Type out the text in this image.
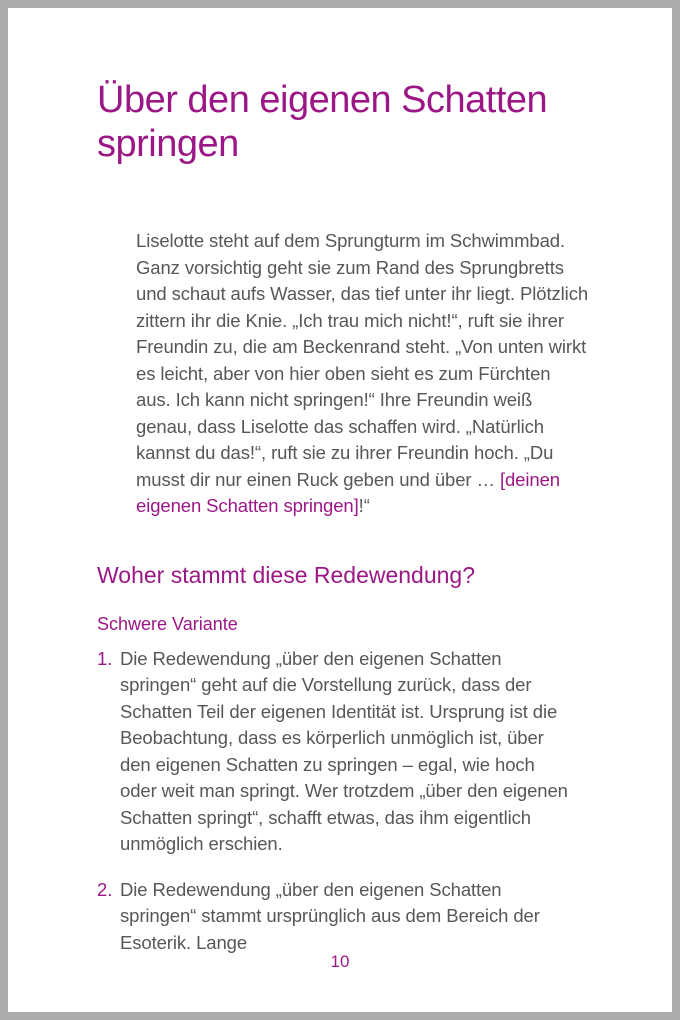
Über den eigenen Schatten springen

Liselotte steht auf dem Sprungturm im Schwimmbad. Ganz vorsichtig geht sie zum Rand des Sprungbretts und schaut aufs Wasser, das tief unter ihr liegt. Plötzlich zittern ihr die Knie. „Ich trau mich nicht!“, ruft sie ihrer Freundin zu, die am Beckenrand steht. „Von unten wirkt es leicht, aber von hier oben sieht es zum Fürchten aus. Ich kann nicht springen!“ Ihre Freundin weiß genau, dass Liselotte das schaffen wird. „Natürlich kannst du das!“, ruft sie zu ihrer Freundin hoch. „Du musst dir nur einen Ruck geben und über … [deinen eigenen Schatten springen]!“

Woher stammt diese Redewendung?
Schwere Variante
1. Die Redewendung „über den eigenen Schatten springen“ geht auf die Vorstellung zurück, dass der Schatten Teil der eigenen Identität ist. Ursprung ist die Beobachtung, dass es körperlich unmöglich ist, über den eigenen Schatten zu springen – egal, wie hoch oder weit man springt. Wer trotzdem „über den eigenen Schatten springt“, schafft etwas, das ihm eigentlich unmöglich erschien.
2. Die Redewendung „über den eigenen Schatten springen“ stammt ursprünglich aus dem Bereich der Esoterik. Lange
10
